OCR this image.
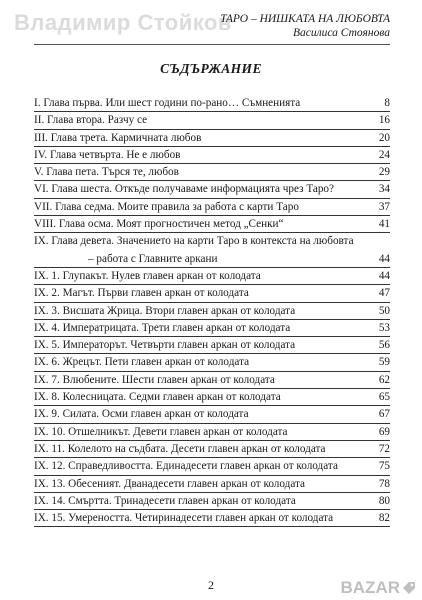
Владимир Стойков
ТАРО – НИШКАТА НА ЛЮБОВТА
Василиса Стоянова
СЪДЪРЖАНИЕ
I. Глава първа. Или шест години по-рано… Съмненията	8
II. Глава втора. Разчу се	16
III. Глава трета. Кармичната любов	20
IV. Глава четвърта. Не е любов	24
V. Глава пета. Търся те, любов	29
VI. Глава шеста. Откъде получаваме информацията чрез Таро?	34
VII. Глава седма. Моите правила за работа с карти Таро	37
VIII. Глава осма. Моят прогностичен метод „Сенки“	41
IX. Глава девета. Значението на карти Таро в контекста на любовта
– работа с Главните аркани	44
IX. 1. Глупакът. Нулев главен аркан от колодата	44
IX. 2. Магът. Първи главен аркан от колодата	47
IX. 3. Висшата Жрица. Втори главен аркан от колодата	50
IX. 4. Императрицата. Трети главен аркан от колодата	53
IX. 5. Императорът. Четвърти главен аркан от колодата	56
IX. 6. Жрецът. Пети главен аркан от колодата	59
IX. 7. Влюбените. Шести главен аркан от колодата	62
IX. 8. Колесницата. Седми главен аркан от колодата	65
IX. 9. Силата. Осми главен аркан от колодата	67
IX. 10. Отшелникът. Девети главен аркан от колодата	69
IX. 11. Колелото на съдбата. Десети главен аркан от колодата	72
IX. 12. Справедливостта. Единадесети главен аркан от колодата	75
IX. 13. Обесеният. Дванадесети главен аркан от колодата	78
IX. 14. Смъртта. Тринадесети главен аркан от колодата	80
IX. 15. Умереността. Четиринадесети главен аркан от колодата	82
2	BAZAR
